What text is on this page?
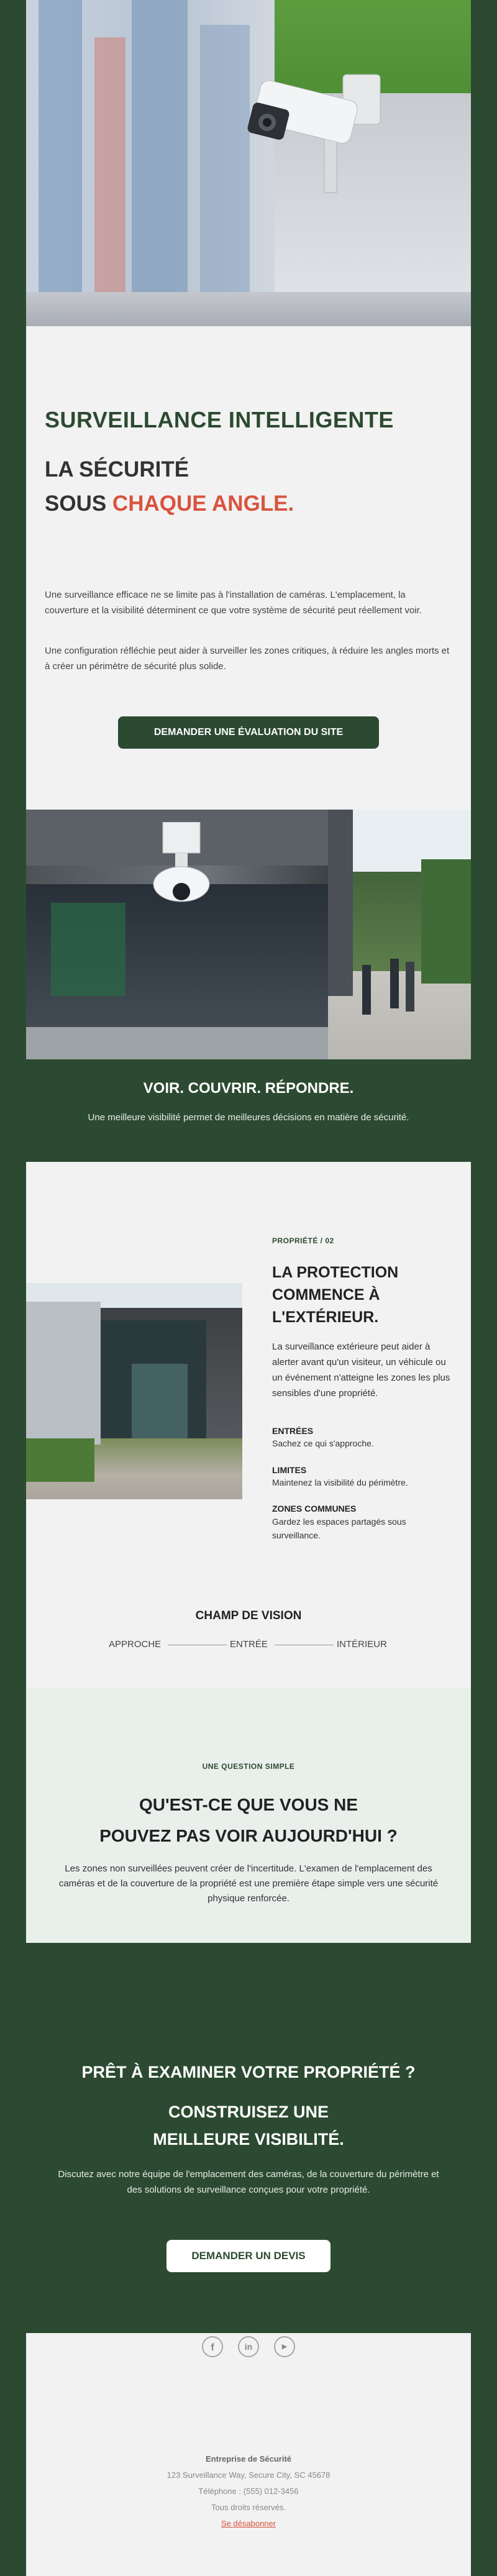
SURVEILLANCE INTELLIGENTE
LA SÉCURITÉ
SOUS CHAQUE ANGLE.
Une surveillance efficace ne se limite pas à l'installation de caméras. L'emplacement, la couverture et la visibilité déterminent ce que votre système de sécurité peut réellement voir.
Une configuration réfléchie peut aider à surveiller les zones critiques, à réduire les angles morts et à créer un périmètre de sécurité plus solide.
DEMANDER UNE ÉVALUATION DU SITE
VOIR. COUVRIR. RÉPONDRE.
Une meilleure visibilité permet de meilleures décisions en matière de sécurité.
PROPRIÉTÉ / 02
LA PROTECTION
COMMENCE À
L'EXTÉRIEUR.
La surveillance extérieure peut aider à alerter avant qu'un visiteur, un véhicule ou un événement n'atteigne les zones les plus sensibles d'une propriété.
ENTRÉES
Sachez ce qui s'approche.
LIMITES
Maintenez la visibilité du périmètre.
ZONES COMMUNES
Gardez les espaces partagés sous surveillance.
CHAMP DE VISION
APPROCHE	ENTRÉE	INTÉRIEUR
UNE QUESTION SIMPLE
QU'EST-CE QUE VOUS NE
POUVEZ PAS VOIR AUJOURD'HUI ?
Les zones non surveillées peuvent créer de l'incertitude. L'examen de l'emplacement des caméras et de la couverture de la propriété est une première étape simple vers une sécurité physique renforcée.
PRÊT À EXAMINER VOTRE PROPRIÉTÉ ?
CONSTRUISEZ UNE
MEILLEURE VISIBILITÉ.
Discutez avec notre équipe de l'emplacement des caméras, de la couverture du périmètre et des solutions de surveillance conçues pour votre propriété.
DEMANDER UN DEVIS
f	in	▶
Entreprise de Sécurité
123 Surveillance Way, Secure City, SC 45678
Téléphone : (555) 012-3456
Tous droits réservés.
Se désabonner
